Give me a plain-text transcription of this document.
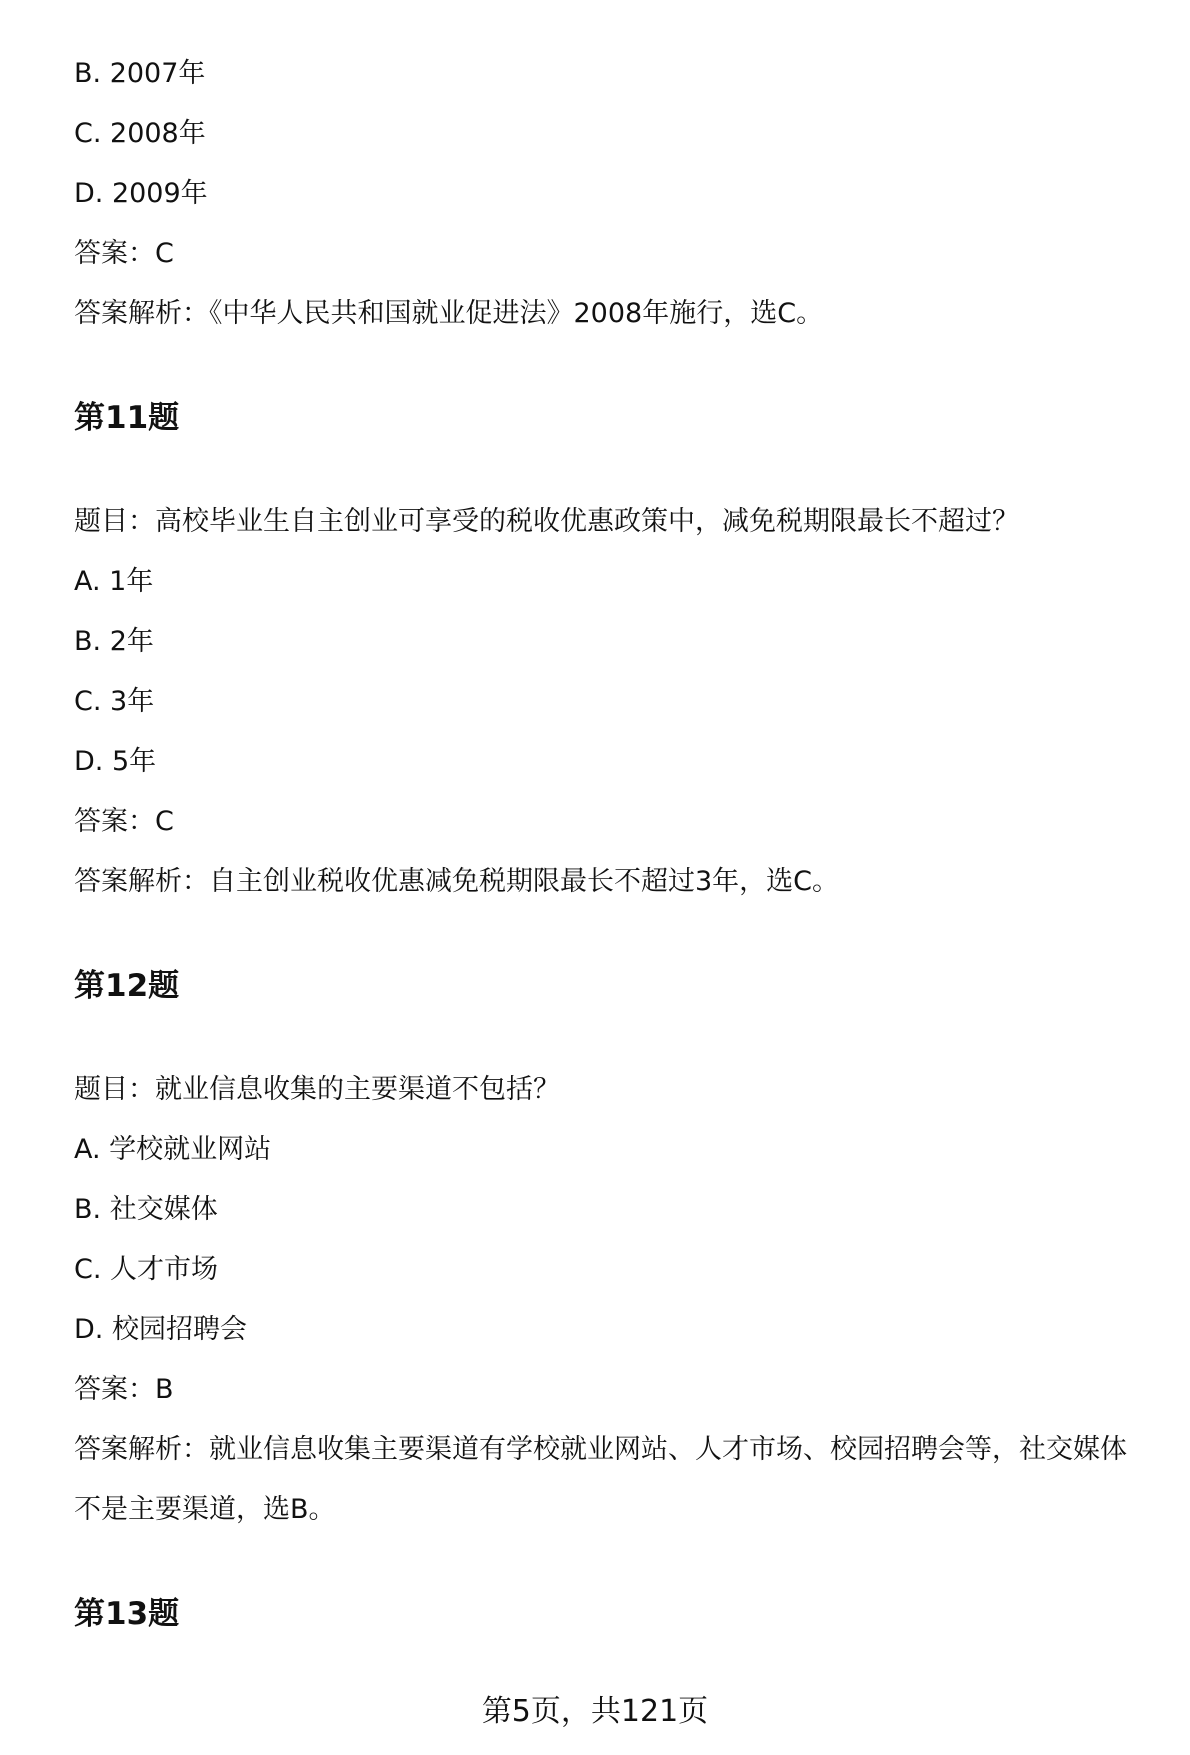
B. 2007年

C. 2008年

D. 2009年

答案：C

答案解析：《中华人民共和国就业促进法》2008年施行，选C。

第11题

题目：高校毕业生自主创业可享受的税收优惠政策中，减免税期限最长不超过？

A. 1年

B. 2年

C. 3年

D. 5年

答案：C

答案解析：自主创业税收优惠减免税期限最长不超过3年，选C。

第12题

题目：就业信息收集的主要渠道不包括？

A. 学校就业网站

B. 社交媒体

C. 人才市场

D. 校园招聘会

答案：B

答案解析：就业信息收集主要渠道有学校就业网站、人才市场、校园招聘会等，社交媒体不是主要渠道，选B。

第13题
第5页，共121页
